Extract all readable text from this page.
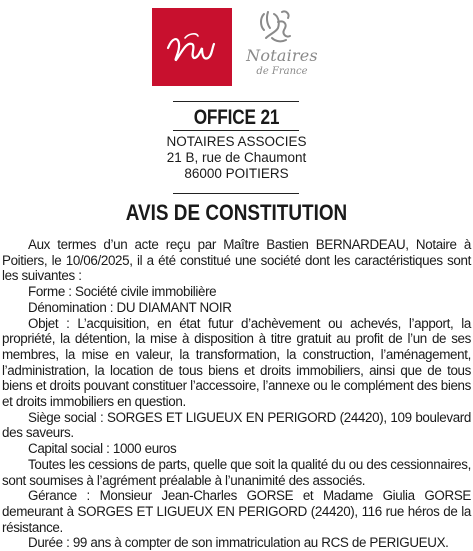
Notaires
de France
OFFICE 21
NOTAIRES ASSOCIES
21 B, rue de Chaumont
86000 POITIERS
AVIS DE CONSTITUTION

Aux termes d’un acte reçu par Maître Bastien BERNARDEAU, Notaire à Poitiers, le 10/06/2025, il a été constitué une société dont les caractéristiques sont les suivantes :

Forme : Société civile immobilière

Dénomination : DU DIAMANT NOIR

Objet : L’acquisition, en état futur d’achèvement ou achevés, l’apport, la propriété, la détention, la mise à disposition à titre gratuit au profit de l’un de ses membres, la mise en valeur, la transformation, la construction, l’aménagement, l’administration, la location de tous biens et droits immobiliers, ainsi que de tous biens et droits pouvant constituer l’accessoire, l’annexe ou le complément des biens et droits immobiliers en question.

Siège social : SORGES ET LIGUEUX EN PERIGORD (24420), 109 boulevard des saveurs.

Capital social : 1000 euros

Toutes les cessions de parts, quelle que soit la qualité du ou des cessionnaires, sont soumises à l’agrément préalable à l’unanimité des associés.

Gérance : Monsieur Jean-Charles GORSE et Madame Giulia GORSE demeurant à SORGES ET LIGUEUX EN PERIGORD (24420), 116 rue héros de la résistance.

Durée : 99 ans à compter de son immatriculation au RCS de PERIGUEUX.
